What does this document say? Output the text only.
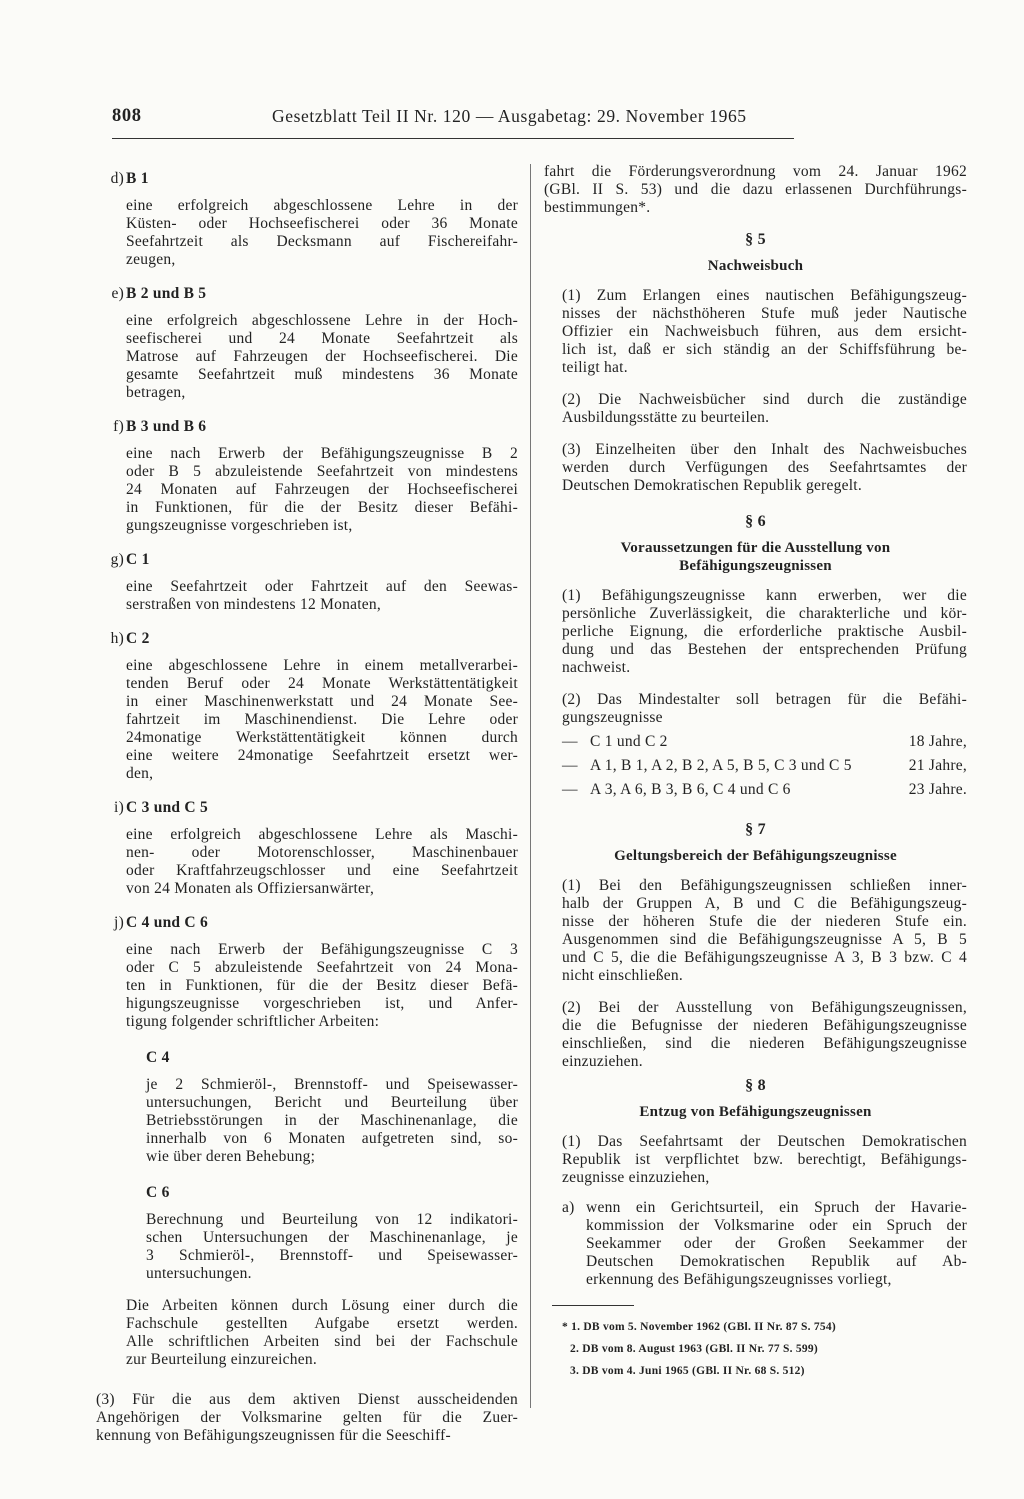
808	Gesetzblatt Teil II Nr. 120 — Ausgabetag: 29. November 1965
d) B 1
eine erfolgreich abgeschlossene Lehre in der
Küsten- oder Hochseefischerei oder 36 Monate
Seefahrtzeit als Decksmann auf Fischereifahr-
zeugen,
e) B 2 und B 5
eine erfolgreich abgeschlossene Lehre in der Hoch-
seefischerei und 24 Monate Seefahrtzeit als
Matrose auf Fahrzeugen der Hochseefischerei. Die
gesamte Seefahrtzeit muß mindestens 36 Monate
betragen,
f) B 3 und B 6
eine nach Erwerb der Befähigungszeugnisse B 2
oder B 5 abzuleistende Seefahrtzeit von mindestens
24 Monaten auf Fahrzeugen der Hochseefischerei
in Funktionen, für die der Besitz dieser Befähi-
gungszeugnisse vorgeschrieben ist,
g) C 1
eine Seefahrtzeit oder Fahrtzeit auf den Seewas-
serstraßen von mindestens 12 Monaten,
h) C 2
eine abgeschlossene Lehre in einem metallverarbei-
tenden Beruf oder 24 Monate Werkstättentätigkeit
in einer Maschinenwerkstatt und 24 Monate See-
fahrtzeit im Maschinendienst. Die Lehre oder
24monatige Werkstättentätigkeit können durch
eine weitere 24monatige Seefahrtzeit ersetzt wer-
den,
i) C 3 und C 5
eine erfolgreich abgeschlossene Lehre als Maschi-
nen- oder Motorenschlosser, Maschinenbauer
oder Kraftfahrzeugschlosser und eine Seefahrtzeit
von 24 Monaten als Offiziersanwärter,
j) C 4 und C 6
eine nach Erwerb der Befähigungszeugnisse C 3
oder C 5 abzuleistende Seefahrtzeit von 24 Mona-
ten in Funktionen, für die der Besitz dieser Befä-
higungszeugnisse vorgeschrieben ist, und Anfer-
tigung folgender schriftlicher Arbeiten:
C 4
je 2 Schmieröl-, Brennstoff- und Speisewasser-
untersuchungen, Bericht und Beurteilung über
Betriebsstörungen in der Maschinenanlage, die
innerhalb von 6 Monaten aufgetreten sind, so-
wie über deren Behebung;
C 6
Berechnung und Beurteilung von 12 indikatori-
schen Untersuchungen der Maschinenanlage, je
3 Schmieröl-, Brennstoff- und Speisewasser-
untersuchungen.
Die Arbeiten können durch Lösung einer durch die
Fachschule gestellten Aufgabe ersetzt werden.
Alle schriftlichen Arbeiten sind bei der Fachschule
zur Beurteilung einzureichen.
(3) Für die aus dem aktiven Dienst ausscheidenden
Angehörigen der Volksmarine gelten für die Zuer-
kennung von Befähigungszeugnissen für die Seeschiff-
fahrt die Förderungsverordnung vom 24. Januar 1962
(GBl. II S. 53) und die dazu erlassenen Durchführungs-
bestimmungen*.
§ 5
Nachweisbuch
(1) Zum Erlangen eines nautischen Befähigungszeug-
nisses der nächsthöheren Stufe muß jeder Nautische
Offizier ein Nachweisbuch führen, aus dem ersicht-
lich ist, daß er sich ständig an der Schiffsführung be-
teiligt hat.
(2) Die Nachweisbücher sind durch die zuständige
Ausbildungsstätte zu beurteilen.
(3) Einzelheiten über den Inhalt des Nachweisbuches
werden durch Verfügungen des Seefahrtsamtes der
Deutschen Demokratischen Republik geregelt.
§ 6
Voraussetzungen für die Ausstellung von
Befähigungszeugnissen
(1) Befähigungszeugnisse kann erwerben, wer die
persönliche Zuverlässigkeit, die charakterliche und kör-
perliche Eignung, die erforderliche praktische Ausbil-
dung und das Bestehen der entsprechenden Prüfung
nachweist.
(2) Das Mindestalter soll betragen für die Befähi-
gungszeugnisse
— C 1 und C 2	18 Jahre,
— A 1, B 1, A 2, B 2, A 5, B 5, C 3 und C 5	21 Jahre,
— A 3, A 6, B 3, B 6, C 4 und C 6	23 Jahre.
§ 7
Geltungsbereich der Befähigungszeugnisse
(1) Bei den Befähigungszeugnissen schließen inner-
halb der Gruppen A, B und C die Befähigungszeug-
nisse der höheren Stufe die der niederen Stufe ein.
Ausgenommen sind die Befähigungszeugnisse A 5, B 5
und C 5, die die Befähigungszeugnisse A 3, B 3 bzw. C 4
nicht einschließen.
(2) Bei der Ausstellung von Befähigungszeugnissen,
die die Befugnisse der niederen Befähigungszeugnisse
einschließen, sind die niederen Befähigungszeugnisse
einzuziehen.
§ 8
Entzug von Befähigungszeugnissen
(1) Das Seefahrtsamt der Deutschen Demokratischen
Republik ist verpflichtet bzw. berechtigt, Befähigungs-
zeugnisse einzuziehen,
a) wenn ein Gerichtsurteil, ein Spruch der Havarie-
kommission der Volksmarine oder ein Spruch der
Seekammer oder der Großen Seekammer der
Deutschen Demokratischen Republik auf Ab-
erkennung des Befähigungszeugnisses vorliegt,
* 1. DB vom 5. November 1962 (GBl. II Nr. 87 S. 754)
2. DB vom 8. August 1963 (GBl. II Nr. 77 S. 599)
3. DB vom 4. Juni 1965 (GBl. II Nr. 68 S. 512)
